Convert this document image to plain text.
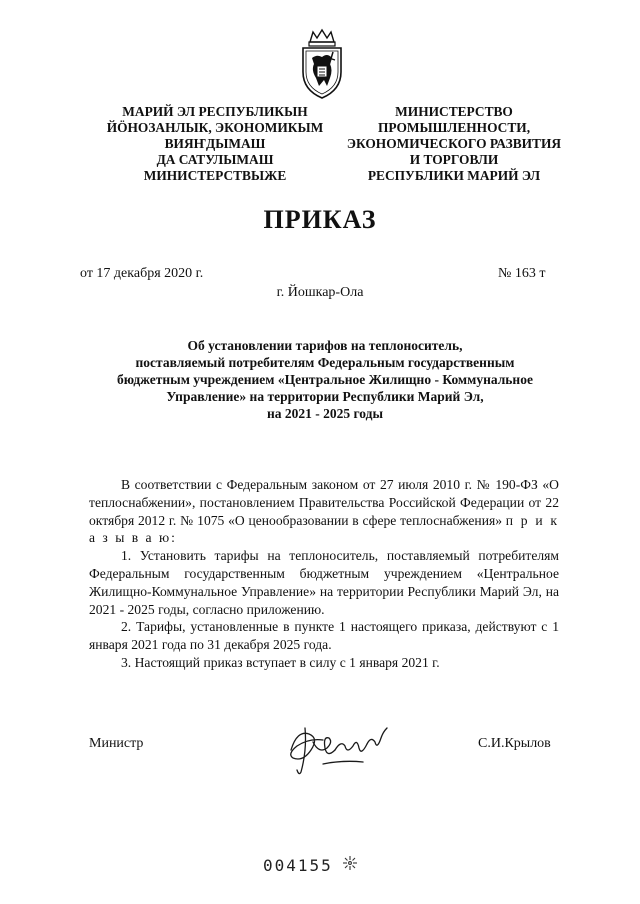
МАРИЙ ЭЛ РЕСПУБЛИКЫН
ЙӦНОЗАНЛЫК, ЭКОНОМИКЫМ
ВИЯҤДЫМАШ
ДА САТУЛЫМАШ
МИНИСТЕРСТВЫЖЕ
МИНИСТЕРСТВО
ПРОМЫШЛЕННОСТИ,
ЭКОНОМИЧЕСКОГО РАЗВИТИЯ
И ТОРГОВЛИ
РЕСПУБЛИКИ МАРИЙ ЭЛ
ПРИКАЗ
от 17 декабря 2020 г.	№ 163 т
г. Йошкар-Ола
Об установлении тарифов на теплоноситель,
поставляемый потребителям Федеральным государственным
бюджетным учреждением «Центральное Жилищно - Коммунальное
Управление» на территории Республики Марий Эл,
на 2021 - 2025 годы

В соответствии с Федеральным законом от 27 июля 2010 г. № 190-ФЗ «О теплоснабжении», постановлением Правительства Российской Федерации от 22 октября 2012 г. № 1075 «О ценообразовании в сфере теплоснабжения» п р и к а з ы в а ю:

1. Установить тарифы на теплоноситель, поставляемый потребителям Федеральным государственным бюджетным учреждением «Центральное Жилищно-Коммунальное Управление» на территории Республики Марий Эл, на 2021 - 2025 годы, согласно приложению.

2. Тарифы, установленные в пункте 1 настоящего приказа, действуют с 1 января 2021 года по 31 декабря 2025 года.

3. Настоящий приказ вступает в силу с 1 января 2021 г.

Министр	С.И.Крылов
004155
